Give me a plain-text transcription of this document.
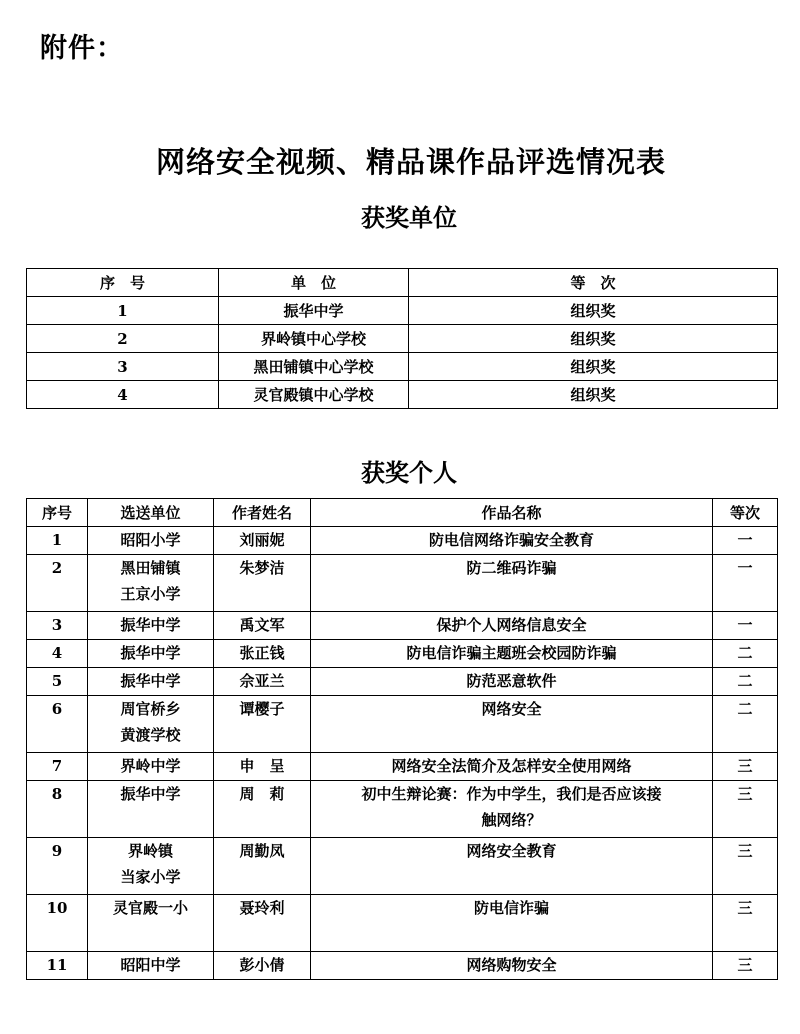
附件：
网络安全视频、精品课作品评选情况表
获奖单位
序　号	单　位	等　次
1	振华中学	组织奖
2	界岭镇中心学校	组织奖
3	黑田铺镇中心学校	组织奖
4	灵官殿镇中心学校	组织奖
获奖个人
序号	选送单位	作者姓名	作品名称	等次
1	昭阳小学	刘丽妮	防电信网络诈骗安全教育	一
2	黑田铺镇
王京小学	朱梦洁	防二维码诈骗	一
3	振华中学	禹文军	保护个人网络信息安全	一
4	振华中学	张正钱	防电信诈骗主题班会校园防诈骗	二
5	振华中学	佘亚兰	防范恶意软件	二
6	周官桥乡
黄渡学校	谭樱子	网络安全	二
7	界岭中学	申　呈	网络安全法简介及怎样安全使用网络	三
8	振华中学	周　莉	初中生辩论赛：作为中学生，我们是否应该接
触网络？	三
9	界岭镇
当家小学	周勤凤	网络安全教育	三
10	灵官殿一小	聂玲利	防电信诈骗	三
11	昭阳中学	彭小倩	网络购物安全	三
